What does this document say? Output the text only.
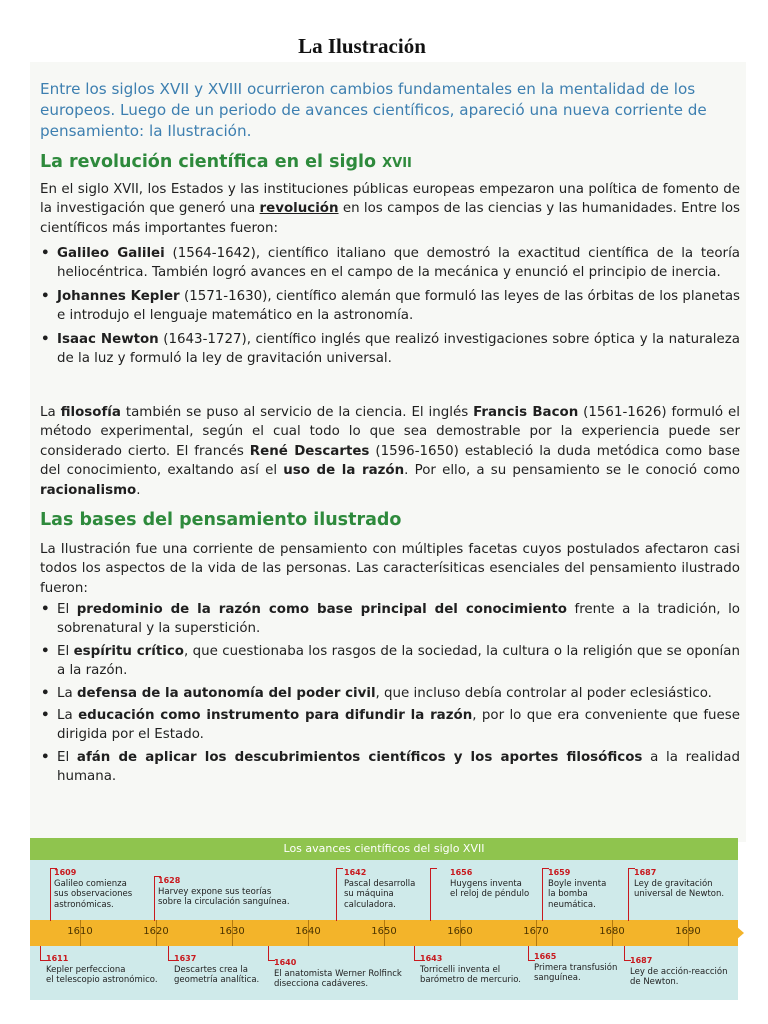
La Ilustración
Entre los siglos XVII y XVIII ocurrieron cambios fundamentales en la mentalidad de los europeos. Luego de un periodo de avances científicos, apareció una nueva corriente de pensamiento: la Ilustración.
La revolución científica en el siglo XVII

En el siglo XVII, los Estados y las instituciones públicas europeas empezaron una política de fomento de la investigación que generó una revolución en los campos de las ciencias y las humanidades. Entre los científicos más importantes fueron:

• Galileo Galilei (1564-1642), científico italiano que demostró la exactitud científica de la teoría heliocéntrica. También logró avances en el campo de la mecánica y enunció el principio de inercia.
• Johannes Kepler (1571-1630), científico alemán que formuló las leyes de las órbitas de los planetas e introdujo el lenguaje matemático en la astronomía.
• Isaac Newton (1643-1727), científico inglés que realizó investigaciones sobre óptica y la naturaleza de la luz y formuló la ley de gravitación universal.

La filosofía también se puso al servicio de la ciencia. El inglés Francis Bacon (1561-1626) formuló el método experimental, según el cual todo lo que sea demostrable por la experiencia puede ser considerado cierto. El francés René Descartes (1596-1650) estableció la duda metódica como base del conocimiento, exaltando así el uso de la razón. Por ello, a su pensamiento se le conoció como racionalismo.

Las bases del pensamiento ilustrado

La Ilustración fue una corriente de pensamiento con múltiples facetas cuyos postulados afectaron casi todos los aspectos de la vida de las personas. Las caracterísiticas esenciales del pensamiento ilustrado fueron:

• El predominio de la razón como base principal del conocimiento frente a la tradición, lo sobrenatural y la superstición.
• El espíritu crítico, que cuestionaba los rasgos de la sociedad, la cultura o la religión que se oponían a la razón.
• La defensa de la autonomía del poder civil, que incluso debía controlar al poder eclesiástico.
• La educación como instrumento para difundir la razón, por lo que era conveniente que fuese dirigida por el Estado.
• El afán de aplicar los descubrimientos científicos y los aportes filosóficos a la realidad humana.
Los avances científicos del siglo XVII
1610	1620	1630	1640	1650	1660	1670	1680	1690
1609
Galileo comienza
sus observaciones
astronómicas.
1628
Harvey expone sus teorías
sobre la circulación sanguínea.
1642
Pascal desarrolla
su máquina
calculadora.
1656
Huygens inventa
el reloj de péndulo
1659
Boyle inventa
la bomba
neumática.
1687
Ley de gravitación
universal de Newton.
1611
Kepler perfecciona
el telescopio astronómico.
1637
Descartes crea la
geometría analítica.
1640
El anatomista Werner Rolfinck
disecciona cadáveres.
1643
Torricelli inventa el
barómetro de mercurio.
1665
Primera transfusión
sanguínea.
1687
Ley de acción-reacción
de Newton.
